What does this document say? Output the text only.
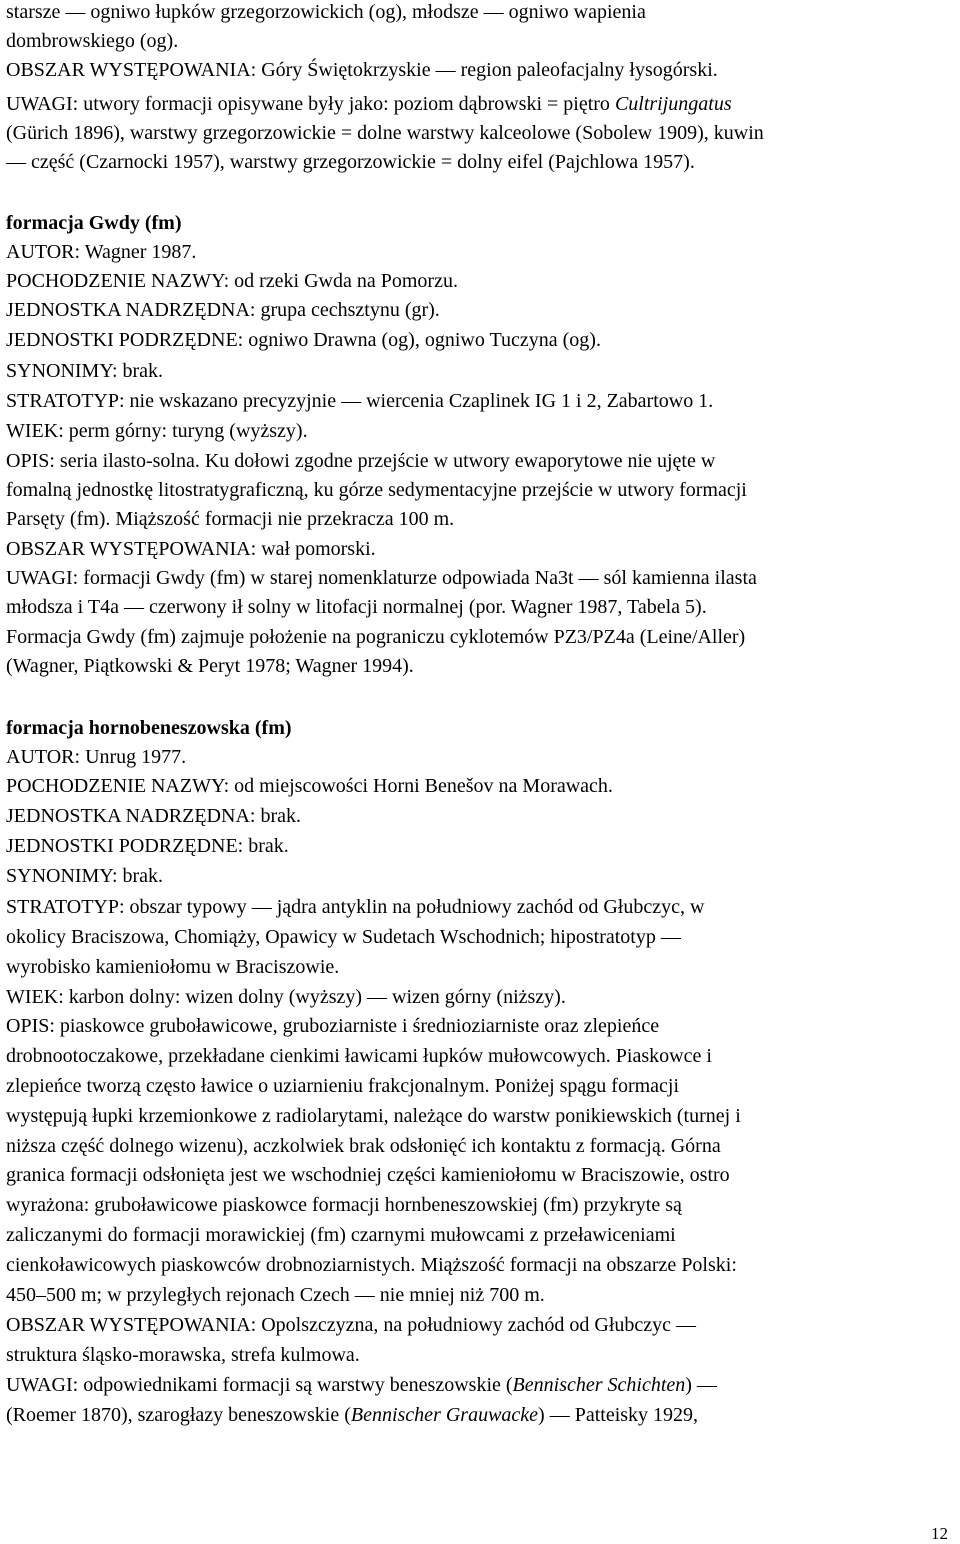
starsze — ogniwo łupków grzegorzowickich (og), młodsze — ogniwo wapienia
dombrowskiego (og).
OBSZAR WYSTĘPOWANIA: Góry Świętokrzyskie — region paleofacjalny łysogórski.
UWAGI: utwory formacji opisywane były jako: poziom dąbrowski = piętro Cultrijungatus
(Gürich 1896), warstwy grzegorzowickie = dolne warstwy kalceolowe (Sobolew 1909), kuwin
— część (Czarnocki 1957), warstwy grzegorzowickie = dolny eifel (Pajchlowa 1957).
formacja Gwdy (fm)
AUTOR: Wagner 1987.
POCHODZENIE NAZWY: od rzeki Gwda na Pomorzu.
JEDNOSTKA NADRZĘDNA: grupa cechsztynu (gr).
JEDNOSTKI PODRZĘDNE: ogniwo Drawna (og), ogniwo Tuczyna (og).
SYNONIMY: brak.
STRATOTYP: nie wskazano precyzyjnie — wiercenia Czaplinek IG 1 i 2, Zabartowo 1.
WIEK: perm górny: turyng (wyższy).
OPIS: seria ilasto-solna. Ku dołowi zgodne przejście w utwory ewaporytowe nie ujęte w
fomalną jednostkę litostratygraficzną, ku górze sedymentacyjne przejście w utwory formacji
Parsęty (fm). Miąższość formacji nie przekracza 100 m.
OBSZAR WYSTĘPOWANIA: wał pomorski.
UWAGI: formacji Gwdy (fm) w starej nomenklaturze odpowiada Na3t — sól kamienna ilasta
młodsza i T4a — czerwony ił solny w litofacji normalnej (por. Wagner 1987, Tabela 5).
Formacja Gwdy (fm) zajmuje położenie na pograniczu cyklotemów PZ3/PZ4a (Leine/Aller)
(Wagner, Piątkowski & Peryt 1978; Wagner 1994).
formacja hornobeneszowska (fm)
AUTOR: Unrug 1977.
POCHODZENIE NAZWY: od miejscowości Horni Benešov na Morawach.
JEDNOSTKA NADRZĘDNA: brak.
JEDNOSTKI PODRZĘDNE: brak.
SYNONIMY: brak.
STRATOTYP: obszar typowy — jądra antyklin na południowy zachód od Głubczyc, w
okolicy Braciszowa, Chomiąży, Opawicy w Sudetach Wschodnich; hipostratotyp —
wyrobisko kamieniołomu w Braciszowie.
WIEK: karbon dolny: wizen dolny (wyższy) — wizen górny (niższy).
OPIS: piaskowce gruboławicowe, gruboziarniste i średnioziarniste oraz zlepieńce
drobnootoczakowe, przekładane cienkimi ławicami łupków mułowcowych. Piaskowce i
zlepieńce tworzą często ławice o uziarnieniu frakcjonalnym. Poniżej spągu formacji
występują łupki krzemionkowe z radiolarytami, należące do warstw ponikiewskich (turnej i
niższa część dolnego wizenu), aczkolwiek brak odsłonięć ich kontaktu z formacją. Górna
granica formacji odsłonięta jest we wschodniej części kamieniołomu w Braciszowie, ostro
wyrażona: gruboławicowe piaskowce formacji hornbeneszowskiej (fm) przykryte są
zaliczanymi do formacji morawickiej (fm) czarnymi mułowcami z przeławiceniami
cienkoławicowych piaskowców drobnoziarnistych. Miąższość formacji na obszarze Polski:
450–500 m; w przyległych rejonach Czech — nie mniej niż 700 m.
OBSZAR WYSTĘPOWANIA: Opolszczyzna, na południowy zachód od Głubczyc —
struktura śląsko-morawska, strefa kulmowa.
UWAGI: odpowiednikami formacji są warstwy beneszowskie (Bennischer Schichten) —
(Roemer 1870), szarogłazy beneszowskie (Bennischer Grauwacke) — Patteisky 1929,
12
